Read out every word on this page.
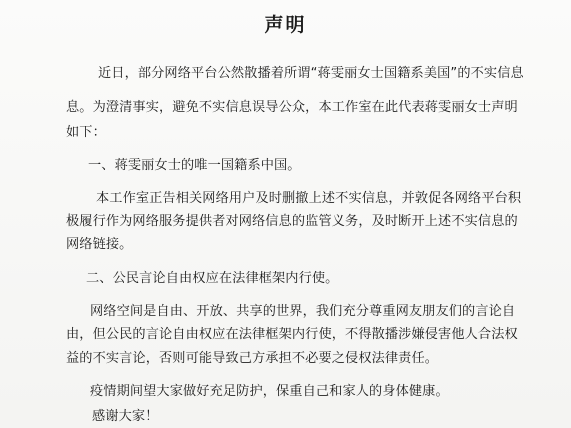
声明
近日，部分网络平台公然散播着所谓“蒋雯丽女士国籍系美国”的不实信息
息。为澄清事实，避免不实信息误导公众，本工作室在此代表蒋雯丽女士声明
如下：
一、蒋雯丽女士的唯一国籍系中国。
本工作室正告相关网络用户及时删撤上述不实信息，并敦促各网络平台积
极履行作为网络服务提供者对网络信息的监管义务，及时断开上述不实信息的
网络链接。
二、公民言论自由权应在法律框架内行使。
网络空间是自由、开放、共享的世界，我们充分尊重网友朋友们的言论自
由，但公民的言论自由权应在法律框架内行使，不得散播涉嫌侵害他人合法权
益的不实言论，否则可能导致己方承担不必要之侵权法律责任。
疫情期间望大家做好充足防护，保重自己和家人的身体健康。
感谢大家！
